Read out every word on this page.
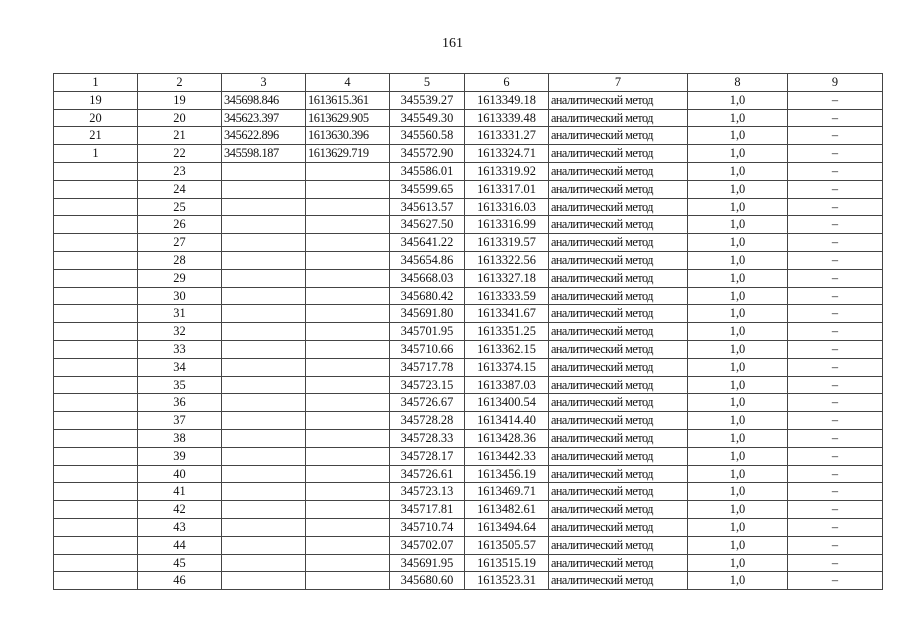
161
1	2	3	4	5	6	7	8	9
19	19	345698.846	1613615.361	345539.27	1613349.18	аналитический метод	1,0	–
20	20	345623.397	1613629.905	345549.30	1613339.48	аналитический метод	1,0	–
21	21	345622.896	1613630.396	345560.58	1613331.27	аналитический метод	1,0	–
1	22	345598.187	1613629.719	345572.90	1613324.71	аналитический метод	1,0	–
	23			345586.01	1613319.92	аналитический метод	1,0	–
	24			345599.65	1613317.01	аналитический метод	1,0	–
	25			345613.57	1613316.03	аналитический метод	1,0	–
	26			345627.50	1613316.99	аналитический метод	1,0	–
	27			345641.22	1613319.57	аналитический метод	1,0	–
	28			345654.86	1613322.56	аналитический метод	1,0	–
	29			345668.03	1613327.18	аналитический метод	1,0	–
	30			345680.42	1613333.59	аналитический метод	1,0	–
	31			345691.80	1613341.67	аналитический метод	1,0	–
	32			345701.95	1613351.25	аналитический метод	1,0	–
	33			345710.66	1613362.15	аналитический метод	1,0	–
	34			345717.78	1613374.15	аналитический метод	1,0	–
	35			345723.15	1613387.03	аналитический метод	1,0	–
	36			345726.67	1613400.54	аналитический метод	1,0	–
	37			345728.28	1613414.40	аналитический метод	1,0	–
	38			345728.33	1613428.36	аналитический метод	1,0	–
	39			345728.17	1613442.33	аналитический метод	1,0	–
	40			345726.61	1613456.19	аналитический метод	1,0	–
	41			345723.13	1613469.71	аналитический метод	1,0	–
	42			345717.81	1613482.61	аналитический метод	1,0	–
	43			345710.74	1613494.64	аналитический метод	1,0	–
	44			345702.07	1613505.57	аналитический метод	1,0	–
	45			345691.95	1613515.19	аналитический метод	1,0	–
	46			345680.60	1613523.31	аналитический метод	1,0	–
